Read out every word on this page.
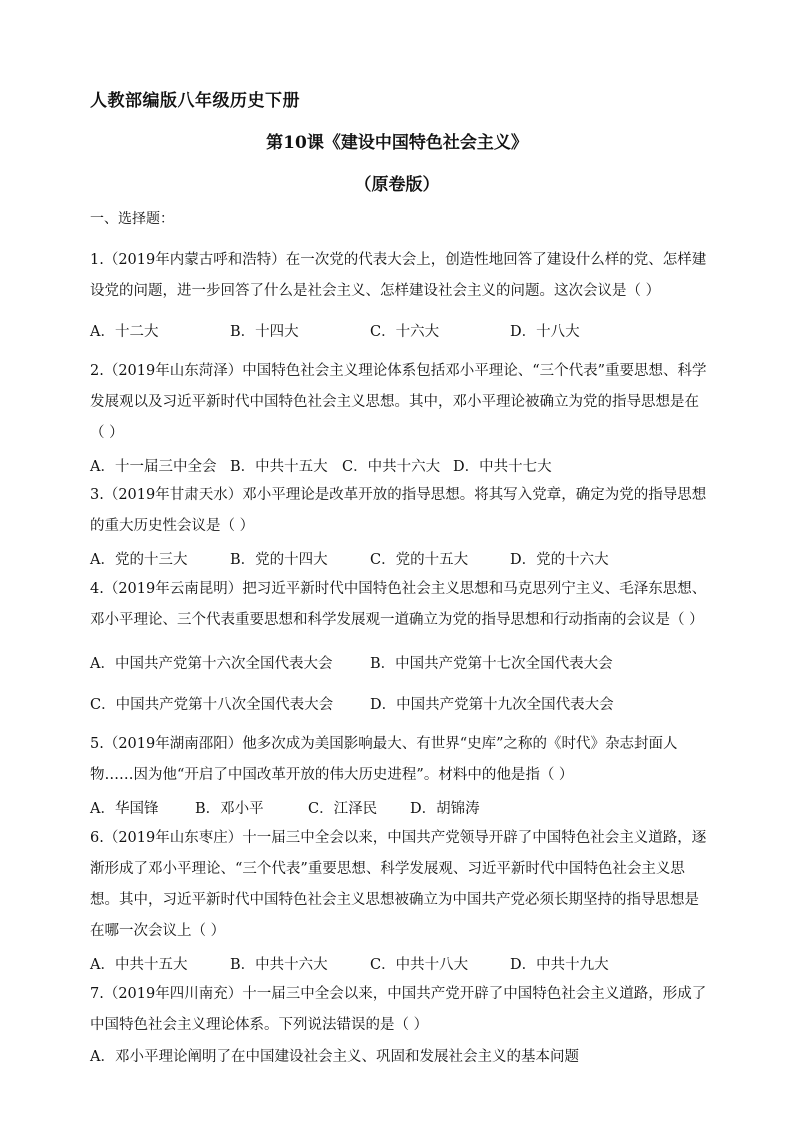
人教部编版八年级历史下册
第10课《建设中国特色社会主义》
（原卷版）
一、选择题：
1.（2019年内蒙古呼和浩特）在一次党的代表大会上，创造性地回答了建设什么样的党、怎样建设党的问题，进一步回答了什么是社会主义、怎样建设社会主义的问题。这次会议是（ ）
A．十二大	B．十四大	C．十六大	D．十八大
2.（2019年山东菏泽）中国特色社会主义理论体系包括邓小平理论、“三个代表”重要思想、科学发展观以及习近平新时代中国特色社会主义思想。其中，邓小平理论被确立为党的指导思想是在（ ）
A．十一届三中全会 B．中共十五大 C．中共十六大 D．中共十七大
3.（2019年甘肃天水）邓小平理论是改革开放的指导思想。将其写入党章，确定为党的指导思想的重大历史性会议是（ ）
A．党的十三大	B．党的十四大	C．党的十五大	D．党的十六大
4.（2019年云南昆明）把习近平新时代中国特色社会主义思想和马克思列宁主义、毛泽东思想、邓小平理论、三个代表重要思想和科学发展观一道确立为党的指导思想和行动指南的会议是（ ）
A．中国共产党第十六次全国代表大会	B．中国共产党第十七次全国代表大会
C．中国共产党第十八次全国代表大会	D．中国共产党第十九次全国代表大会
5.（2019年湖南邵阳）他多次成为美国影响最大、有世界“史库”之称的《时代》杂志封面人物……因为他“开启了中国改革开放的伟大历史进程”。材料中的他是指（ ）
A．华国锋	B．邓小平	C．江泽民 D．胡锦涛
6.（2019年山东枣庄）十一届三中全会以来，中国共产党领导开辟了中国特色社会主义道路，逐渐形成了邓小平理论、“三个代表”重要思想、科学发展观、习近平新时代中国特色社会主义思想。其中，习近平新时代中国特色社会主义思想被确立为中国共产党必须长期坚持的指导思想是在哪一次会议上（ ）
A．中共十五大	B．中共十六大	C．中共十八大	D．中共十九大
7.（2019年四川南充）十一届三中全会以来，中国共产党开辟了中国特色社会主义道路，形成了中国特色社会主义理论体系。下列说法错误的是（ ）
A．邓小平理论阐明了在中国建设社会主义、巩固和发展社会主义的基本问题
